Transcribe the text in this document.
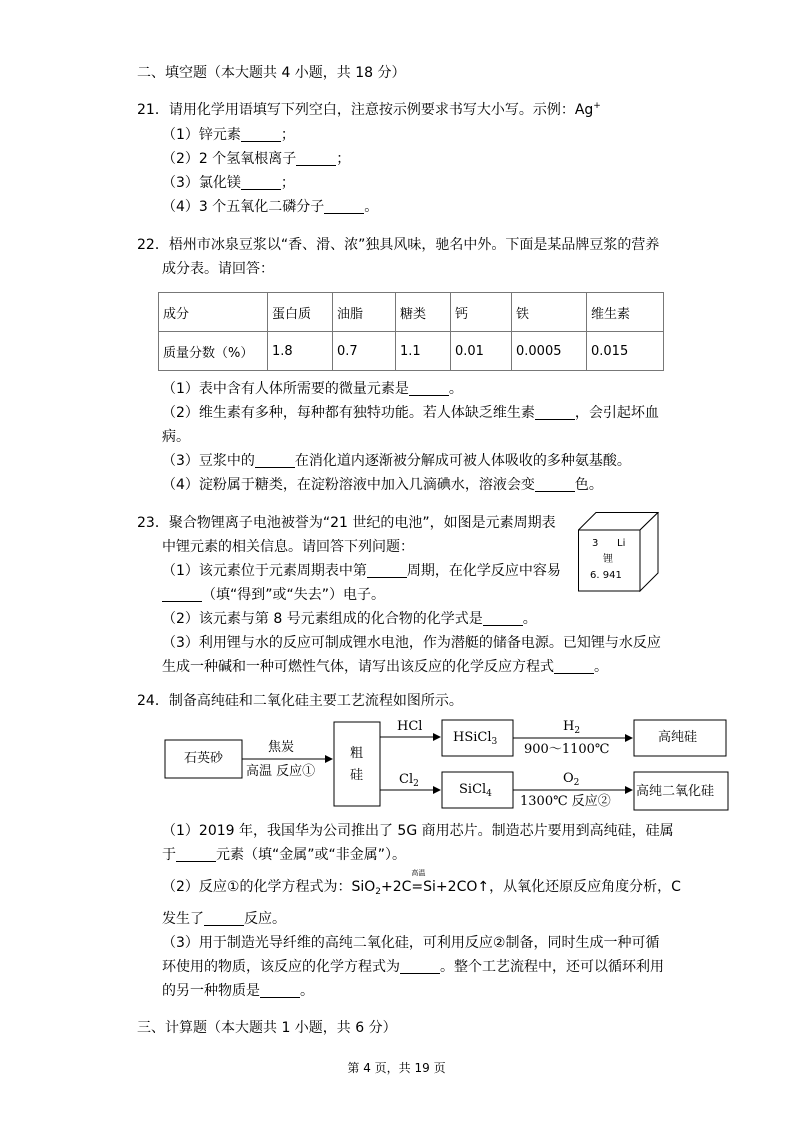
二、填空题（本大题共 4 小题，共 18 分）
21．请用化学用语填写下列空白，注意按示例要求书写大小写。示例：Ag+
（1）锌元素	；
（2）2 个氢氧根离子	；
（3）氯化镁	；
（4）3 个五氧化二磷分子	。
22．梧州市冰泉豆浆以“香、滑、浓”独具风味，驰名中外。下面是某品牌豆浆的营养
成分表。请回答：
成分	蛋白质	油脂	糖类	钙	铁	维生素
质量分数（%）	1.8	0.7	1.1	0.01	0.0005	0.015
（1）表中含有人体所需要的微量元素是	。
（2）维生素有多种，每种都有独特功能。若人体缺乏维生素	，会引起坏血
病。
（3）豆浆中的	在消化道内逐渐被分解成可被人体吸收的多种氨基酸。
（4）淀粉属于糖类，在淀粉溶液中加入几滴碘水，溶液会变	色。
23．聚合物锂离子电池被誉为“21 世纪的电池”，如图是元素周期表
中锂元素的相关信息。请回答下列问题：
（1）该元素位于元素周期表中第	周期，在化学反应中容易
（填“得到”或“失去”）电子。
（2）该元素与第 8 号元素组成的化合物的化学式是	。
（3）利用锂与水的反应可制成锂水电池，作为潜艇的储备电源。已知锂与水反应
生成一种碱和一种可燃性气体，请写出该反应的化学反应方程式	。
3 Li
锂
6. 941
24．制备高纯硅和二氧化硅主要工艺流程如图所示。
石英砂
焦炭
高温 反应①
粗
硅
HCl
$Cl_2$
HSiCl$_3$
SiCl$_4$
$H_2$
900～1100℃
$O_2$
1300℃ 反应②
高纯硅
高纯二氧化硅
（1）2019 年，我国华为公司推出了 5G 商用芯片。制造芯片要用到高纯硅，硅属
于	元素（填“金属”或“非金属”）。
（2）反应①的化学方程式为：SiO$_2$+2C
高温
=Si+2CO↑，从氧化还原反应角度分析，C
发生了	反应。
（3）用于制造光导纤维的高纯二氧化硅，可利用反应②制备，同时生成一种可循
环使用的物质，该反应的化学方程式为	。整个工艺流程中，还可以循环利用
的另一种物质是	。
三、计算题（本大题共 1 小题，共 6 分）
第 4 页，共 19 页
